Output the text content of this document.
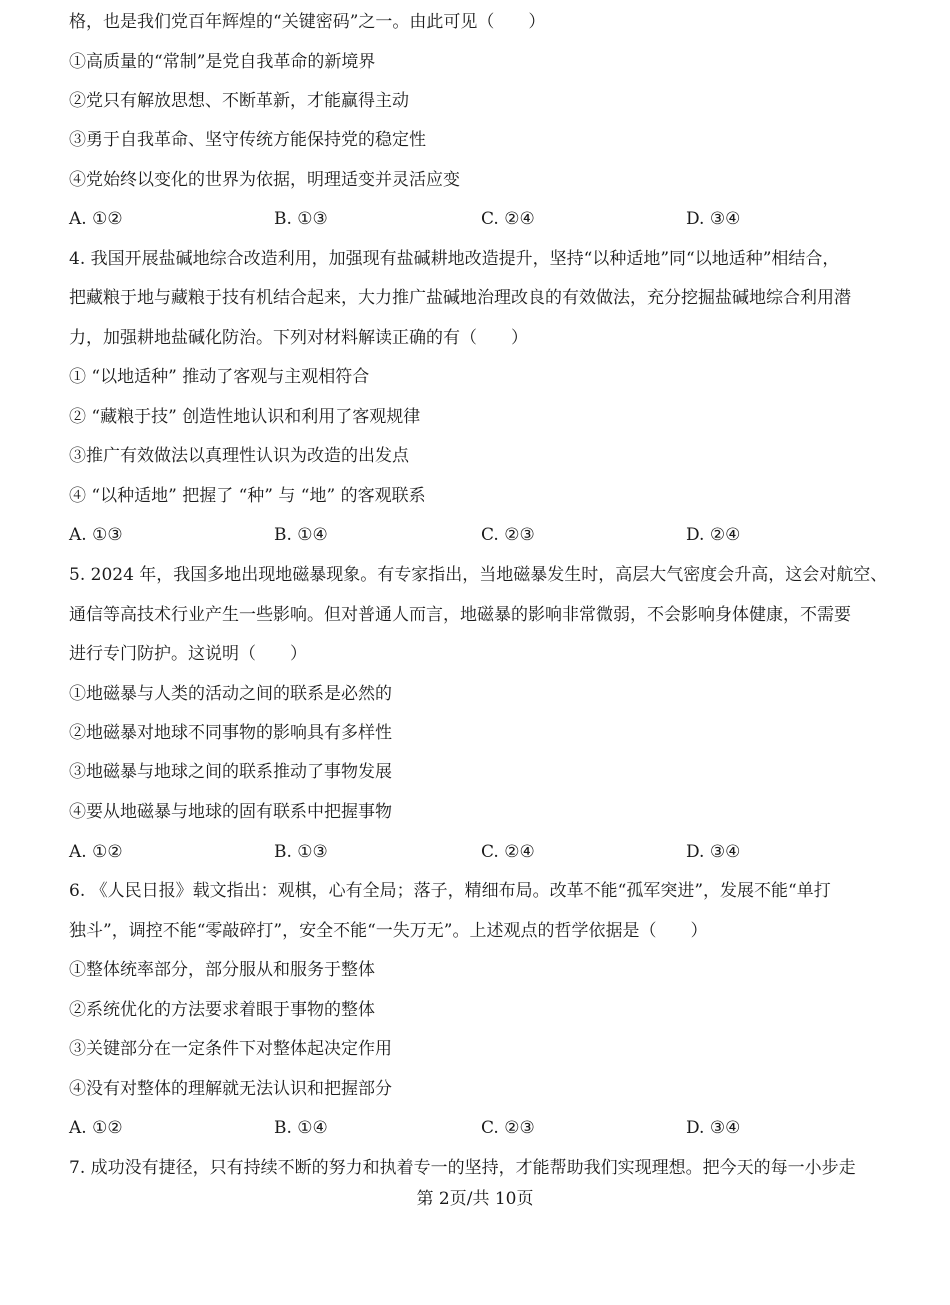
格，也是我们党百年辉煌的“关键密码”之一。由此可见（　　）
①高质量的“常制”是党自我革命的新境界
②党只有解放思想、不断革新，才能赢得主动
③勇于自我革命、坚守传统方能保持党的稳定性
④党始终以变化的世界为依据，明理适变并灵活应变
A. ①②	B. ①③	C. ②④	D. ③④
4. 我国开展盐碱地综合改造利用，加强现有盐碱耕地改造提升，坚持“以种适地”同“以地适种”相结合，
把藏粮于地与藏粮于技有机结合起来，大力推广盐碱地治理改良的有效做法，充分挖掘盐碱地综合利用潜
力，加强耕地盐碱化防治。下列对材料解读正确的有（　　）
① “以地适种” 推动了客观与主观相符合
② “藏粮于技” 创造性地认识和利用了客观规律
③推广有效做法以真理性认识为改造的出发点
④ “以种适地” 把握了 “种” 与 “地” 的客观联系
A. ①③	B. ①④	C. ②③	D. ②④
5. 2024 年，我国多地出现地磁暴现象。有专家指出，当地磁暴发生时，高层大气密度会升高，这会对航空、
通信等高技术行业产生一些影响。但对普通人而言，地磁暴的影响非常微弱，不会影响身体健康，不需要
进行专门防护。这说明（　　）
①地磁暴与人类的活动之间的联系是必然的
②地磁暴对地球不同事物的影响具有多样性
③地磁暴与地球之间的联系推动了事物发展
④要从地磁暴与地球的固有联系中把握事物
A. ①②	B. ①③	C. ②④	D. ③④
6. 《人民日报》载文指出：观棋，心有全局；落子，精细布局。改革不能“孤军突进”，发展不能“单打
独斗”，调控不能“零敲碎打”，安全不能“一失万无”。上述观点的哲学依据是（　　）
①整体统率部分，部分服从和服务于整体
②系统优化的方法要求着眼于事物的整体
③关键部分在一定条件下对整体起决定作用
④没有对整体的理解就无法认识和把握部分
A. ①②	B. ①④	C. ②③	D. ③④
7. 成功没有捷径，只有持续不断的努力和执着专一的坚持，才能帮助我们实现理想。把今天的每一小步走
第 2页/共 10页
